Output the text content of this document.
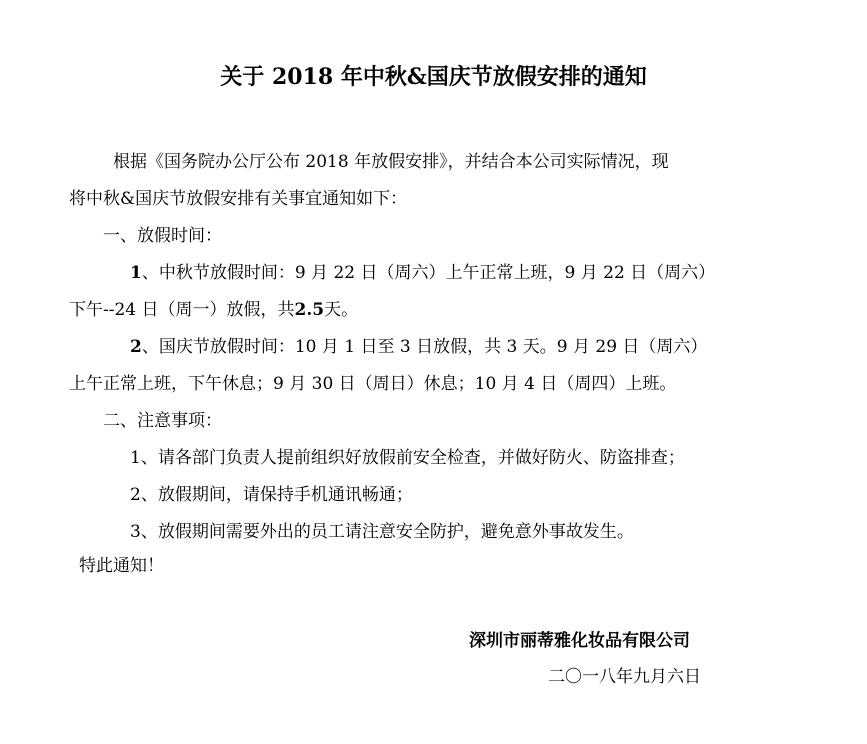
关于 2018 年中秋&国庆节放假安排的通知
根据《国务院办公厅公布 2018 年放假安排》，并结合本公司实际情况，现
将中秋&国庆节放假安排有关事宜通知如下：
一、放假时间：
1、中秋节放假时间：9 月 22 日（周六）上午正常上班，9 月 22 日（周六）
下午--24 日（周一）放假，共2.5天。
2、国庆节放假时间：10 月 1 日至 3 日放假，共 3 天。9 月 29 日（周六）
上午正常上班，下午休息；9 月 30 日（周日）休息；10 月 4 日（周四）上班。
二、注意事项：
1、请各部门负责人提前组织好放假前安全检查，并做好防火、防盗排查；
2、放假期间，请保持手机通讯畅通；
3、放假期间需要外出的员工请注意安全防护，避免意外事故发生。
特此通知！
深圳市丽蒂雅化妆品有限公司
二〇一八年九月六日
